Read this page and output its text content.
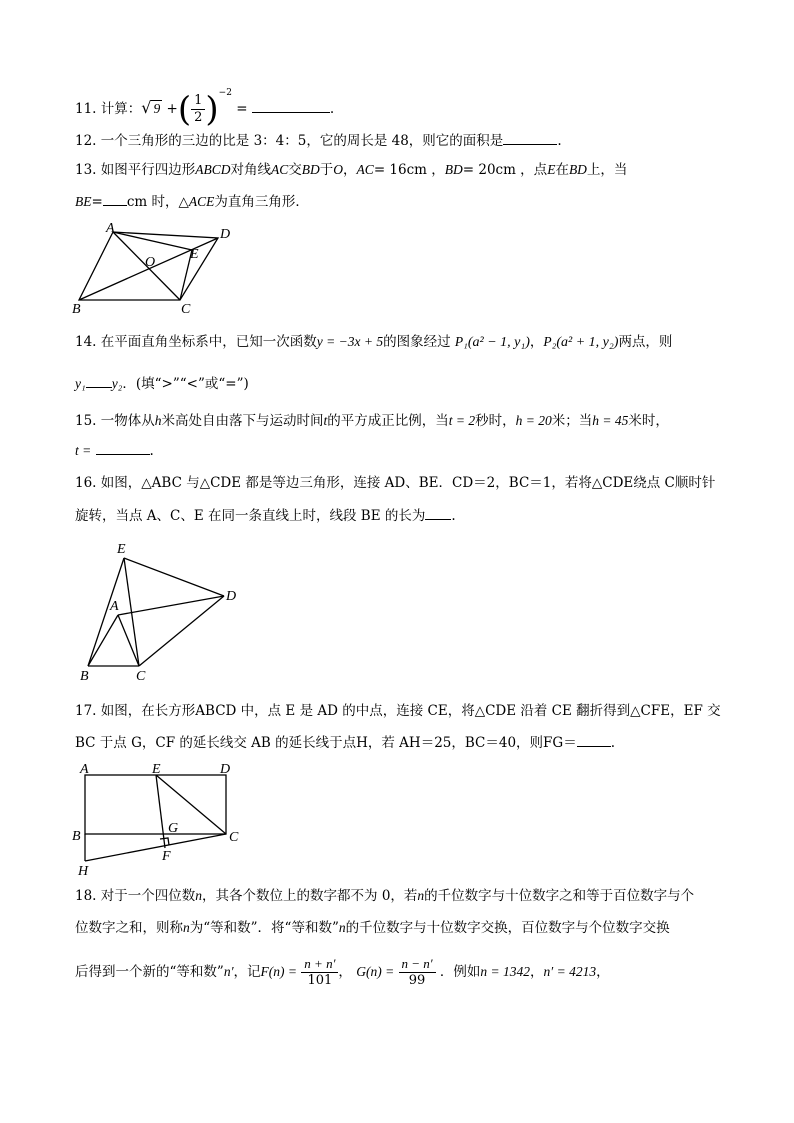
11. 计算：√ 9 +( $\frac{1}{2} )^{-2}$ =	.
12. 一个三角形的三边的比是 3：4：5，它的周长是 48，则它的面积是	.
13. 如图平行四边形ABCD对角线AC交BD于O，AC= 16cm ，BD= 20cm ，点E在BD上，当
BE= cm 时，△ACE为直角三角形．
A	D
B	C
E
O
14. 在平面直角坐标系中，已知一次函数y = −3x + 5的图象经过 P₁(a² − 1, y₁)，P₂(a² + 1, y₂)两点，则
y₁ y₂．(填“>”“<”或“=”)
15. 一物体从h米高处自由落下与运动时间t的平方成正比例，当t = 2秒时，h = 20米；当h = 45米时，
t =	.
16. 如图，△ABC 与△CDE 都是等边三角形，连接 AD、BE．CD＝2，BC＝1，若将△CDE绕点 C顺时针
旋转，当点 A、C、E 在同一条直线上时，线段 BE 的长为 .
E
D
A
B	C
17. 如图，在长方形ABCD 中，点 E 是 AD 的中点，连接 CE，将△CDE 沿着 CE 翻折得到△CFE，EF 交
BC 于点 G，CF 的延长线交 AB 的延长线于点H，若 AH＝25，BC＝40，则FG＝	.
A	E	D
B
G
C
F
H
18. 对于一个四位数n，其各个数位上的数字都不为 0，若n的千位数字与十位数字之和等于百位数字与个
位数字之和，则称n为“等和数”．将“等和数”n的千位数字与十位数字交换，百位数字与个位数字交换
后得到一个新的“等和数”n′，记$F(n) = \frac{n + n'}{101}$ ， $G(n) = \frac{n - n'}{99}$ ．例如n = 1342，n′ = 4213，
